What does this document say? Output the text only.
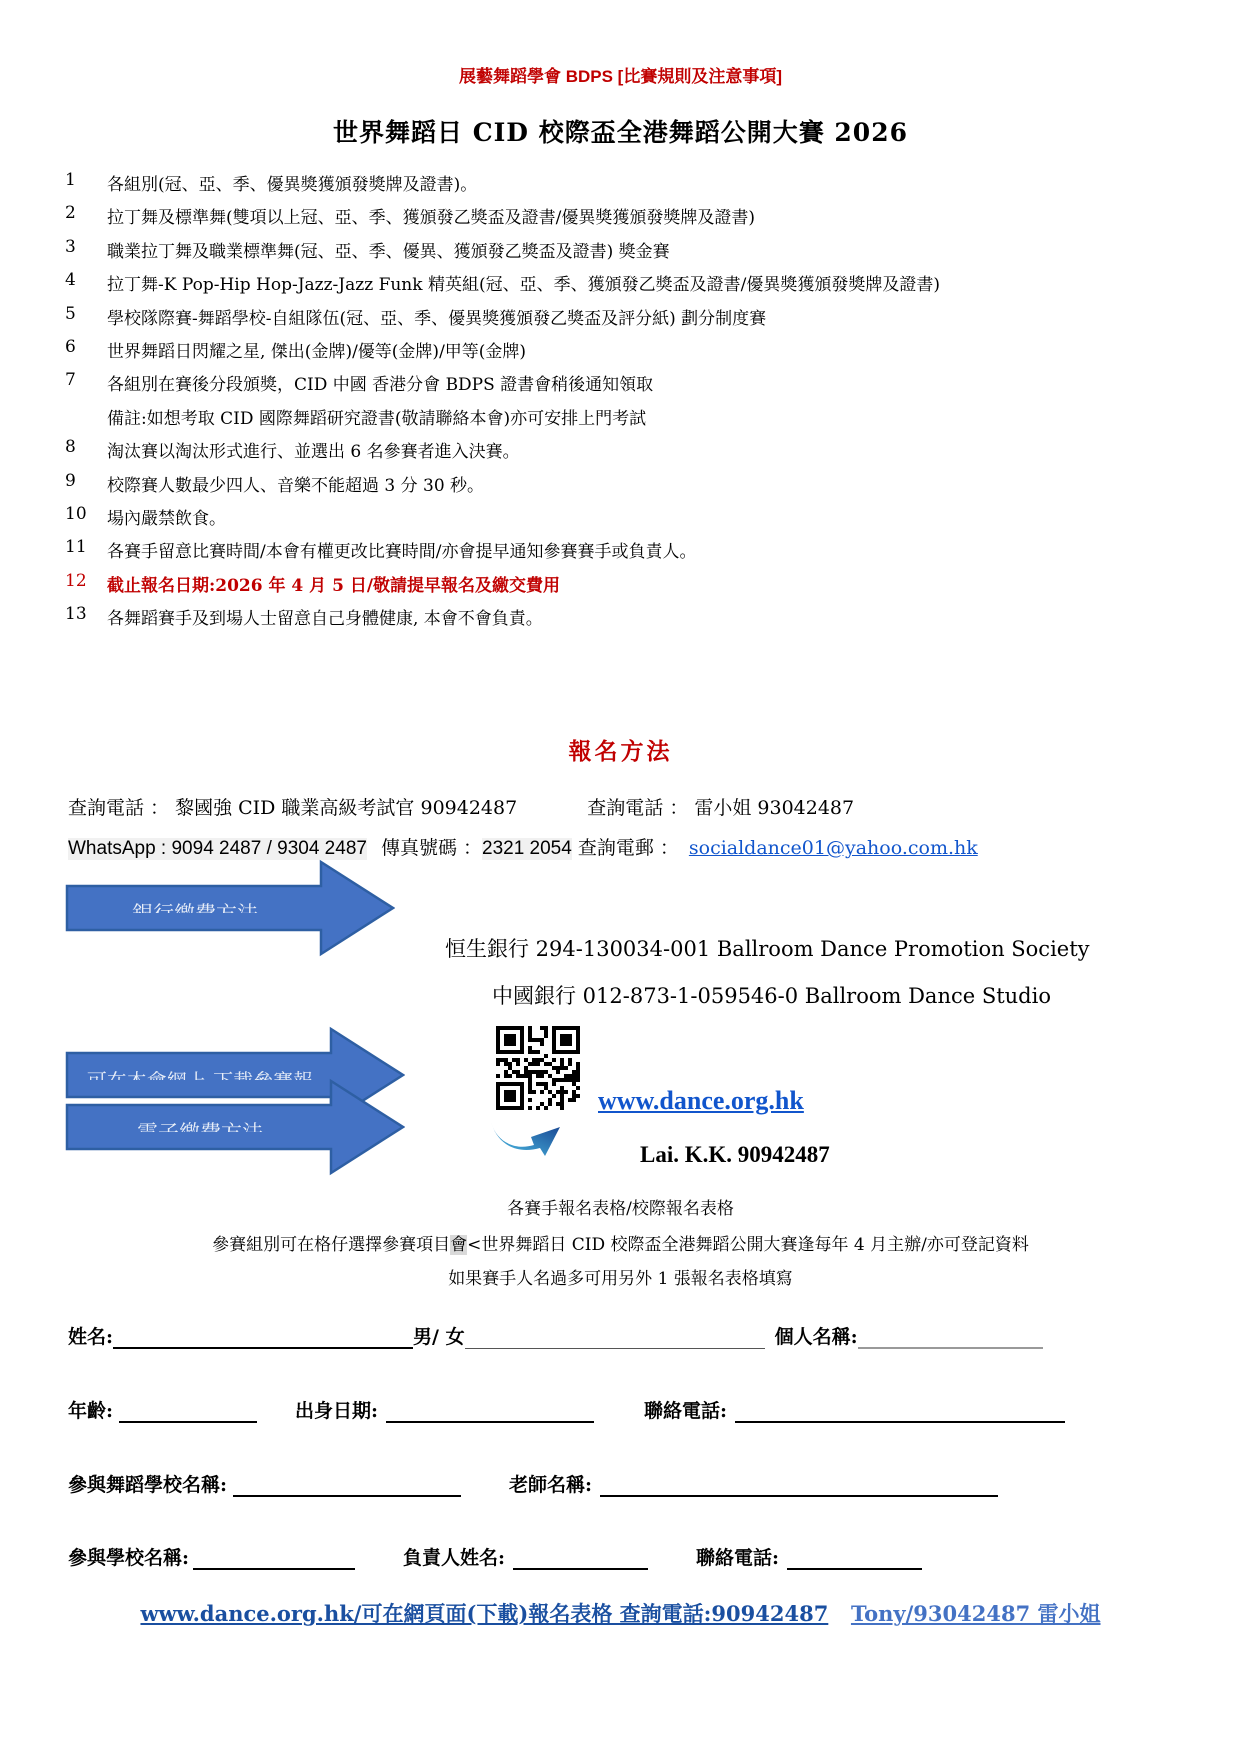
展藝舞蹈學會 BDPS [比賽規則及注意事項]
世界舞蹈日 CID 校際盃全港舞蹈公開大賽 2026
1	各組別(冠、亞、季、優異獎獲頒發獎牌及證書)。
2	拉丁舞及標準舞(雙項以上冠、亞、季、獲頒發乙獎盃及證書/優異獎獲頒發獎牌及證書)
3	職業拉丁舞及職業標準舞(冠、亞、季、優異、獲頒發乙獎盃及證書) 獎金賽
4	拉丁舞-K Pop-Hip Hop-Jazz-Jazz Funk 精英組(冠、亞、季、獲頒發乙獎盃及證書/優異獎獲頒發獎牌及證書)
5	學校隊際賽-舞蹈學校-自組隊伍(冠、亞、季、優異獎獲頒發乙獎盃及評分紙) 劃分制度賽
6	世界舞蹈日閃耀之星, 傑出(金牌)/優等(金牌)/甲等(金牌)
7	各組別在賽後分段頒獎，CID 中國 香港分會 BDPS 證書會稍後通知領取
備註:如想考取 CID 國際舞蹈研究證書(敬請聯絡本會)亦可安排上門考試
8	淘汰賽以淘汰形式進行、並選出 6 名參賽者進入決賽。
9	校際賽人數最少四人、音樂不能超過 3 分 30 秒。
10	場內嚴禁飲食。
11	各賽手留意比賽時間/本會有權更改比賽時間/亦會提早通知參賽賽手或負責人。
12	截止報名日期:2026 年 4 月 5 日/敬請提早報名及繳交費用
13	各舞蹈賽手及到場人士留意自己身體健康, 本會不會負責。
報名方法
查詢電話 ： 黎國強 CID 職業高級考試官 90942487	查詢電話 ： 雷小姐 93042487
WhatsApp : 9094 2487 / 9304 2487 傳真號碼 ： 2321 2054 查詢電郵 ： socialdance01@yahoo.com.hk
恒生銀行 294-130034-001 Ballroom Dance Promotion Society
中國銀行 012-873-1-059546-0 Ballroom Dance Studio
www.dance.org.hk
Lai. K.K. 90942487
各賽手報名表格/校際報名表格
參賽組別可在格仔選擇參賽項目會<世界舞蹈日 CID 校際盃全港舞蹈公開大賽逢每年 4 月主辦/亦可登記資料
如果賽手人名過多可用另外 1 張報名表格填寫
姓名:	男/ 女	個人名稱:
年齡:	出身日期:	聯絡電話:
參與舞蹈學校名稱:	老師名稱:
參與學校名稱:	負責人姓名:	聯絡電話:
www.dance.org.hk/可在網頁面(下載)報名表格 查詢電話:90942487 Tony/93042487 雷小姐
